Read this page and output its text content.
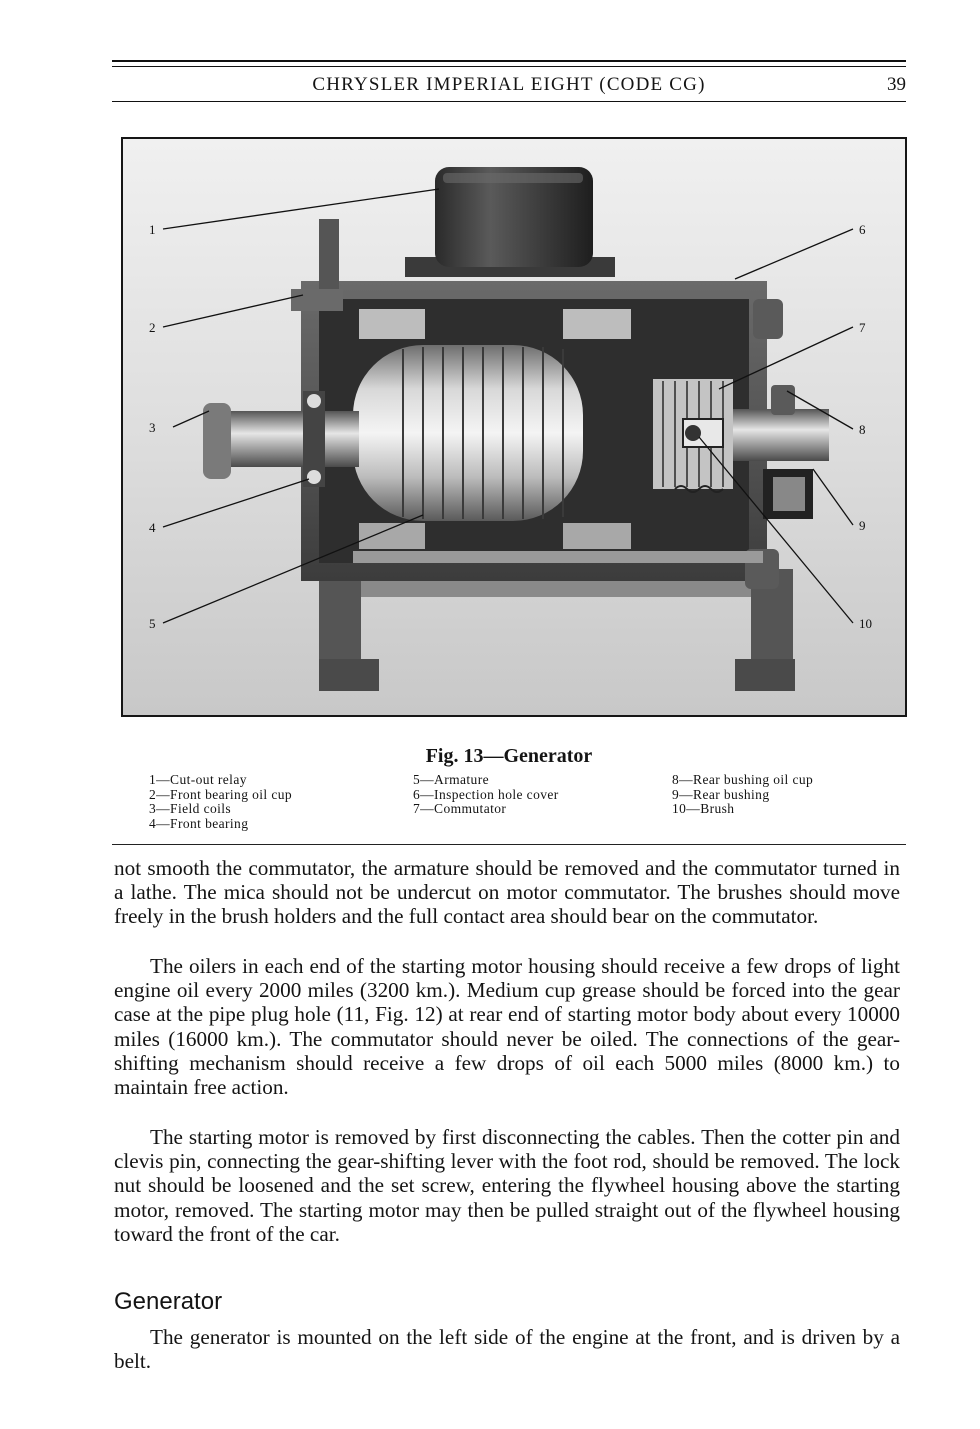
CHRYSLER IMPERIAL EIGHT (CODE CG)	39
1
2
3
4
5
6
7
8
9
10
Fig. 13—Generator
1—Cut-out relay
2—Front bearing oil cup
3—Field coils
4—Front bearing
5—Armature
6—Inspection hole cover
7—Commutator
8—Rear bushing oil cup
9—Rear bushing
10—Brush

not smooth the commutator, the armature should be removed and the commutator turned in a lathe. The mica should not be undercut on motor commutator. The brushes should move freely in the brush holders and the full contact area should bear on the commutator.

The oilers in each end of the starting motor housing should receive a few drops of light engine oil every 2000 miles (3200 km.). Medium cup grease should be forced into the gear case at the pipe plug hole (11, Fig. 12) at rear end of starting motor body about every 10000 miles (16000 km.). The commutator should never be oiled. The connections of the gear-shifting mechanism should receive a few drops of oil each 5000 miles (8000 km.) to maintain free action.

The starting motor is removed by first disconnecting the cables. Then the cotter pin and clevis pin, connecting the gear-shifting lever with the foot rod, should be removed. The lock nut should be loosened and the set screw, entering the flywheel housing above the starting motor, removed. The starting motor may then be pulled straight out of the flywheel housing toward the front of the car.

Generator

The generator is mounted on the left side of the engine at the front, and is driven by a belt.
